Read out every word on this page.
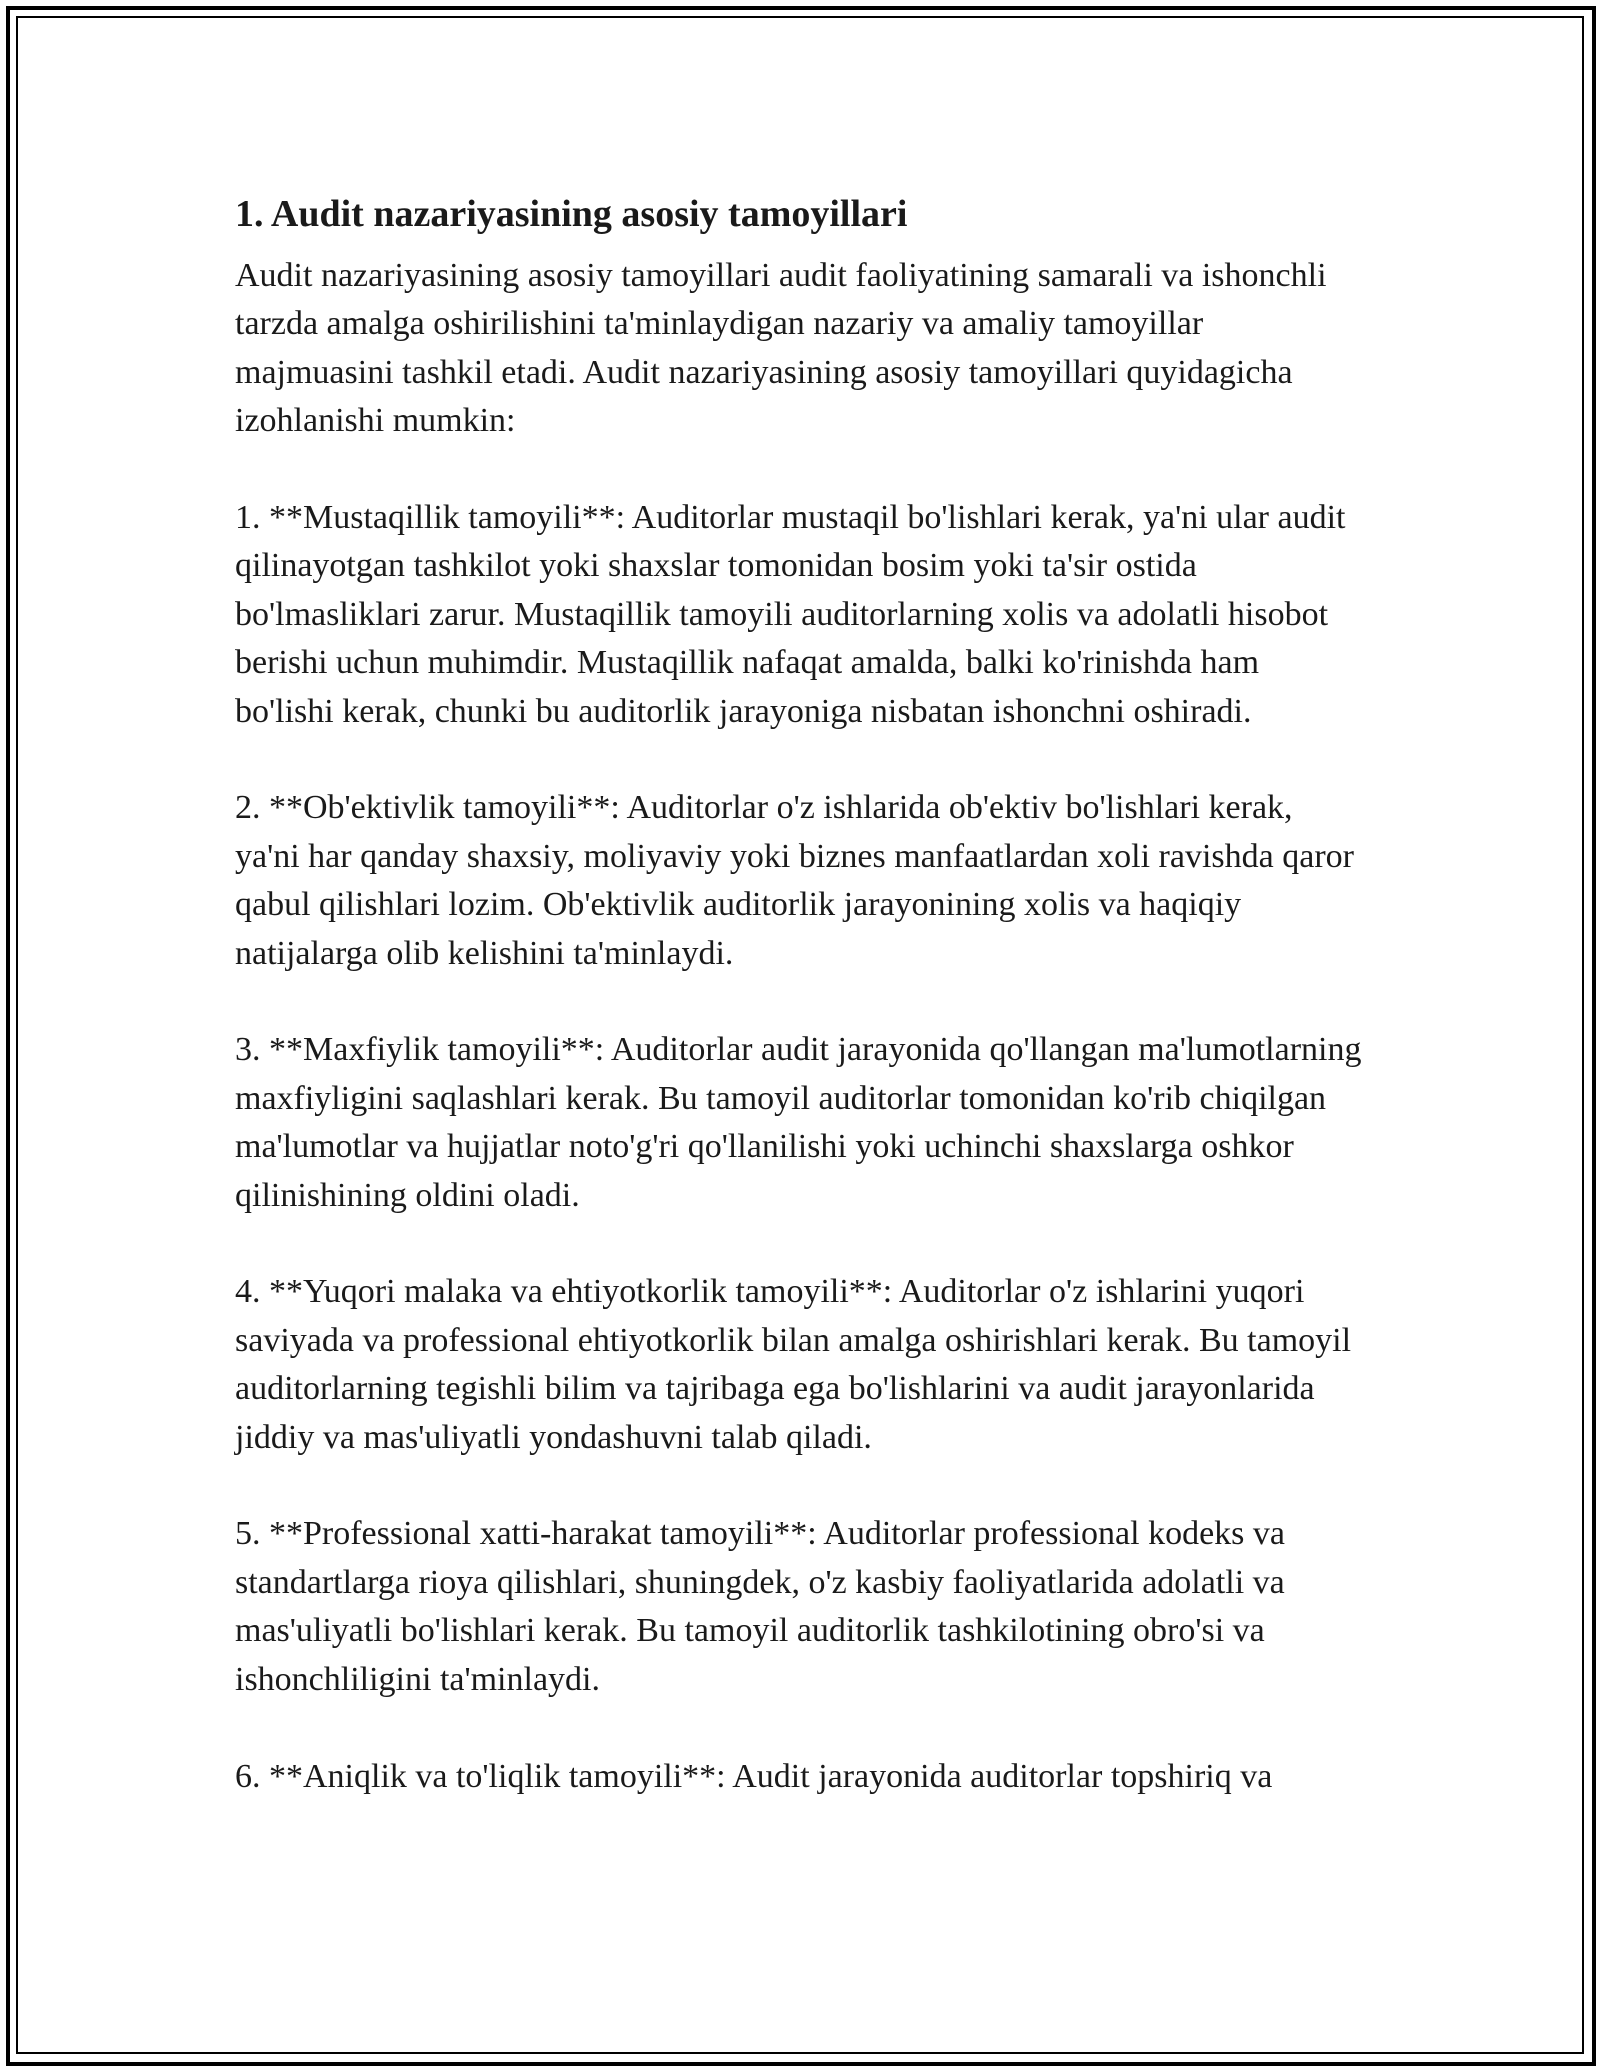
1. Audit nazariyasining asosiy tamoyillari

Audit nazariyasining asosiy tamoyillari audit faoliyatining samarali va ishonchli tarzda amalga oshirilishini ta'minlaydigan nazariy va amaliy tamoyillar majmuasini tashkil etadi. Audit nazariyasining asosiy tamoyillari quyidagicha izohlanishi mumkin:

1. **Mustaqillik tamoyili**: Auditorlar mustaqil bo'lishlari kerak, ya'ni ular audit qilinayotgan tashkilot yoki shaxslar tomonidan bosim yoki ta'sir ostida bo'lmasliklari zarur. Mustaqillik tamoyili auditorlarning xolis va adolatli hisobot berishi uchun muhimdir. Mustaqillik nafaqat amalda, balki ko'rinishda ham bo'lishi kerak, chunki bu auditorlik jarayoniga nisbatan ishonchni oshiradi.

2. **Ob'ektivlik tamoyili**: Auditorlar o'z ishlarida ob'ektiv bo'lishlari kerak, ya'ni har qanday shaxsiy, moliyaviy yoki biznes manfaatlardan xoli ravishda qaror qabul qilishlari lozim. Ob'ektivlik auditorlik jarayonining xolis va haqiqiy natijalarga olib kelishini ta'minlaydi.

3. **Maxfiylik tamoyili**: Auditorlar audit jarayonida qo'llangan ma'lumotlarning maxfiyligini saqlashlari kerak. Bu tamoyil auditorlar tomonidan ko'rib chiqilgan ma'lumotlar va hujjatlar noto'g'ri qo'llanilishi yoki uchinchi shaxslarga oshkor qilinishining oldini oladi.

4. **Yuqori malaka va ehtiyotkorlik tamoyili**: Auditorlar o'z ishlarini yuqori saviyada va professional ehtiyotkorlik bilan amalga oshirishlari kerak. Bu tamoyil auditorlarning tegishli bilim va tajribaga ega bo'lishlarini va audit jarayonlarida jiddiy va mas'uliyatli yondashuvni talab qiladi.

5. **Professional xatti-harakat tamoyili**: Auditorlar professional kodeks va standartlarga rioya qilishlari, shuningdek, o'z kasbiy faoliyatlarida adolatli va mas'uliyatli bo'lishlari kerak. Bu tamoyil auditorlik tashkilotining obro'si va ishonchliligini ta'minlaydi.

6. **Aniqlik va to'liqlik tamoyili**: Audit jarayonida auditorlar topshiriq va
